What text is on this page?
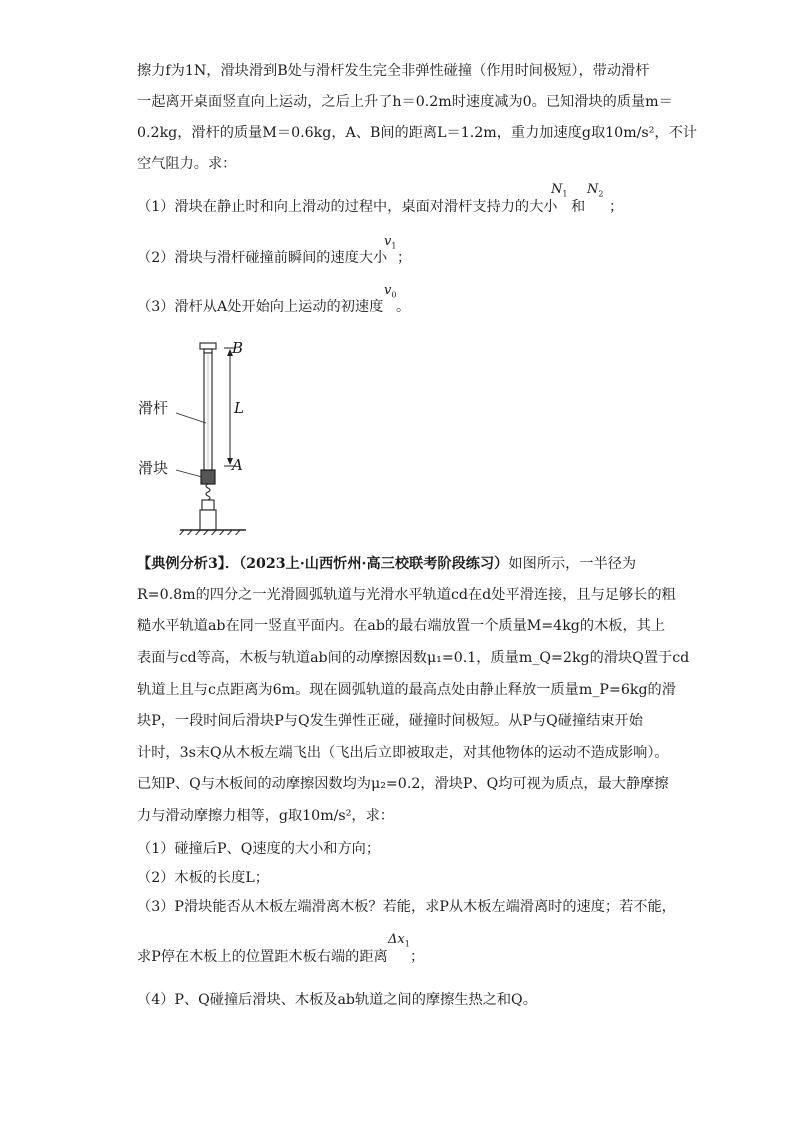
擦力f为1N，滑块滑到B处与滑杆发生完全非弹性碰撞（作用时间极短），带动滑杆
一起离开桌面竖直向上运动，之后上升了h＝0.2m时速度减为0。已知滑块的质量m＝
0.2kg，滑杆的质量M＝0.6kg，A、B间的距离L＝1.2m，重力加速度g取10m/s²，不计
空气阻力。求：
（1）滑块在静止时和向上滑动的过程中，桌面对滑杆支持力的大小
$N_1$
和
$N_2$
；
（2）滑块与滑杆碰撞前瞬间的速度大小
$v_1$
；
（3）滑杆从A处开始向上运动的初速度
$v_0$
。
B
A
L
滑杆
滑块
【典例分析3】．（2023上·山西忻州·高三校联考阶段练习）如图所示，一半径为
R=0.8m的四分之一光滑圆弧轨道与光滑水平轨道cd在d处平滑连接，且与足够长的粗
糙水平轨道ab在同一竖直平面内。在ab的最右端放置一个质量M=4kg的木板，其上
表面与cd等高，木板与轨道ab间的动摩擦因数μ₁=0.1，质量m_Q=2kg的滑块Q置于cd
轨道上且与c点距离为6m。现在圆弧轨道的最高点处由静止释放一质量m_P=6kg的滑
块P，一段时间后滑块P与Q发生弹性正碰，碰撞时间极短。从P与Q碰撞结束开始
计时，3s末Q从木板左端飞出（飞出后立即被取走，对其他物体的运动不造成影响）。
已知P、Q与木板间的动摩擦因数均为μ₂=0.2，滑块P、Q均可视为质点，最大静摩擦
力与滑动摩擦力相等，g取10m/s²，求：
（1）碰撞后P、Q速度的大小和方向；
（2）木板的长度L；
（3）P滑块能否从木板左端滑离木板？若能，求P从木板左端滑离时的速度；若不能，
求P停在木板上的位置距木板右端的距离
$\Delta x_1$
；
（4）P、Q碰撞后滑块、木板及ab轨道之间的摩擦生热之和Q。
